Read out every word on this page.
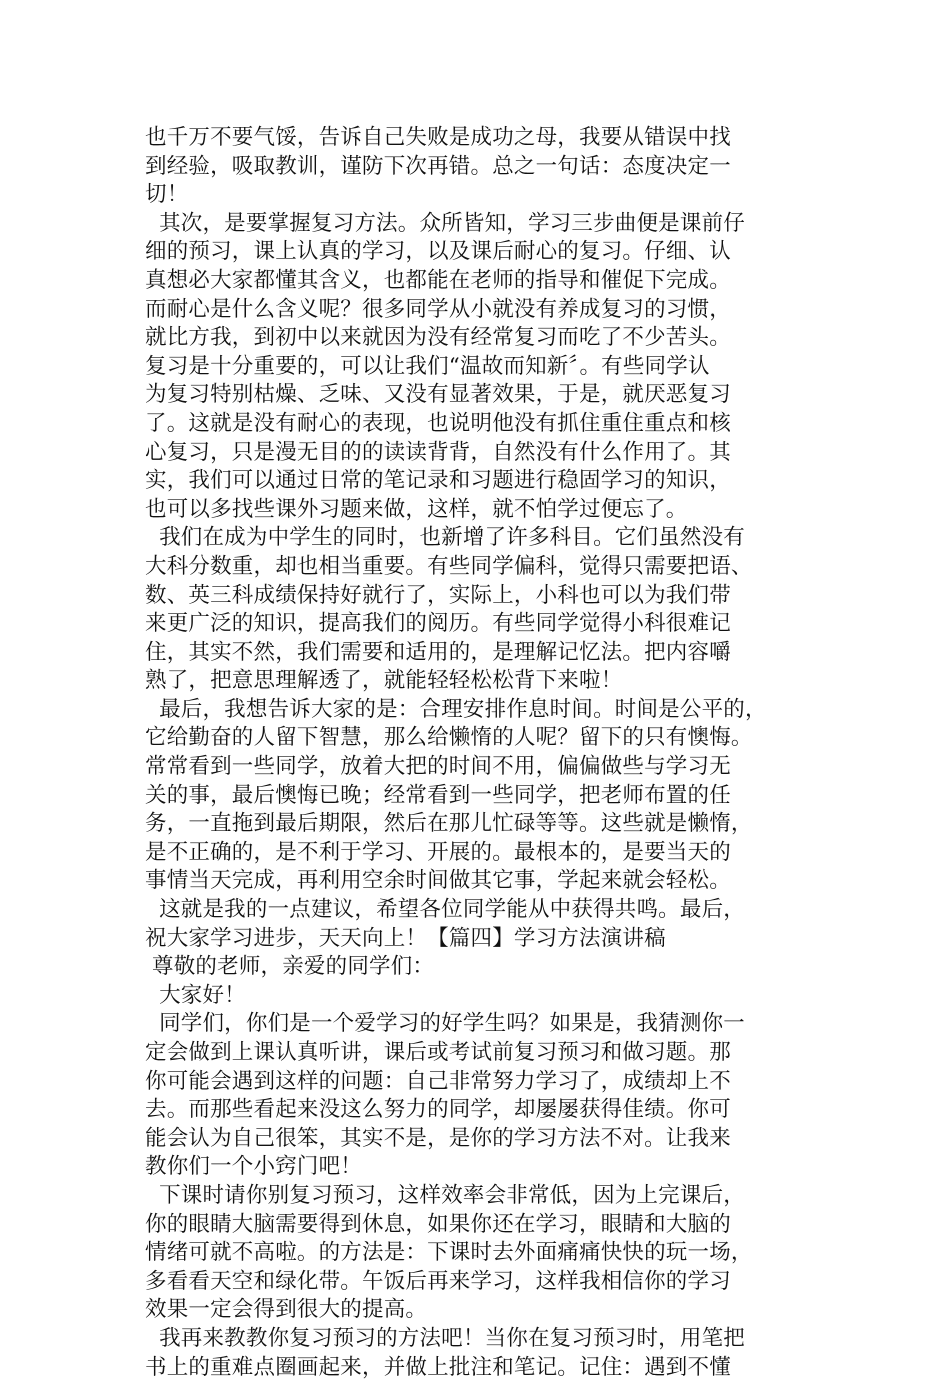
也千万不要气馁，告诉自己失败是成功之母，我要从错误中找
到经验，吸取教训，谨防下次再错。总之一句话：态度决定一
切！
其次，是要掌握复习方法。众所皆知，学习三步曲便是课前仔
细的预习，课上认真的学习，以及课后耐心的复习。仔细、认
真想必大家都懂其含义，也都能在老师的指导和催促下完成。
而耐心是什么含义呢？很多同学从小就没有养成复习的习惯，
就比方我，到初中以来就因为没有经常复习而吃了不少苦头。
复习是十分重要的，可以让我们“温故而知新〞。有些同学认
为复习特别枯燥、乏味、又没有显著效果，于是，就厌恶复习
了。这就是没有耐心的表现，也说明他没有抓住重住重点和核
心复习，只是漫无目的的读读背背，自然没有什么作用了。其
实，我们可以通过日常的笔记录和习题进行稳固学习的知识，
也可以多找些课外习题来做，这样，就不怕学过便忘了。
我们在成为中学生的同时，也新增了许多科目。它们虽然没有
大科分数重，却也相当重要。有些同学偏科，觉得只需要把语、
数、英三科成绩保持好就行了，实际上，小科也可以为我们带
来更广泛的知识，提高我们的阅历。有些同学觉得小科很难记
住，其实不然，我们需要和适用的，是理解记忆法。把内容嚼
熟了，把意思理解透了，就能轻轻松松背下来啦！
最后，我想告诉大家的是：合理安排作息时间。时间是公平的，
它给勤奋的人留下智慧，那么给懒惰的人呢？留下的只有懊悔。
常常看到一些同学，放着大把的时间不用，偏偏做些与学习无
关的事，最后懊悔已晚；经常看到一些同学，把老师布置的任
务，一直拖到最后期限，然后在那儿忙碌等等。这些就是懒惰，
是不正确的，是不利于学习、开展的。最根本的，是要当天的
事情当天完成，再利用空余时间做其它事，学起来就会轻松。
这就是我的一点建议，希望各位同学能从中获得共鸣。最后，
祝大家学习进步，天天向上！【篇四】学习方法演讲稿
尊敬的老师，亲爱的同学们：
大家好！
同学们，你们是一个爱学习的好学生吗？如果是，我猜测你一
定会做到上课认真听讲，课后或考试前复习预习和做习题。那
你可能会遇到这样的问题：自己非常努力学习了，成绩却上不
去。而那些看起来没这么努力的同学，却屡屡获得佳绩。你可
能会认为自己很笨，其实不是，是你的学习方法不对。让我来
教你们一个小窍门吧！
下课时请你别复习预习，这样效率会非常低，因为上完课后，
你的眼睛大脑需要得到休息，如果你还在学习，眼睛和大脑的
情绪可就不高啦。的方法是：下课时去外面痛痛快快的玩一场，
多看看天空和绿化带。午饭后再来学习，这样我相信你的学习
效果一定会得到很大的提高。
我再来教教你复习预习的方法吧！当你在复习预习时，用笔把
书上的重难点圈画起来，并做上批注和笔记。记住：遇到不懂
